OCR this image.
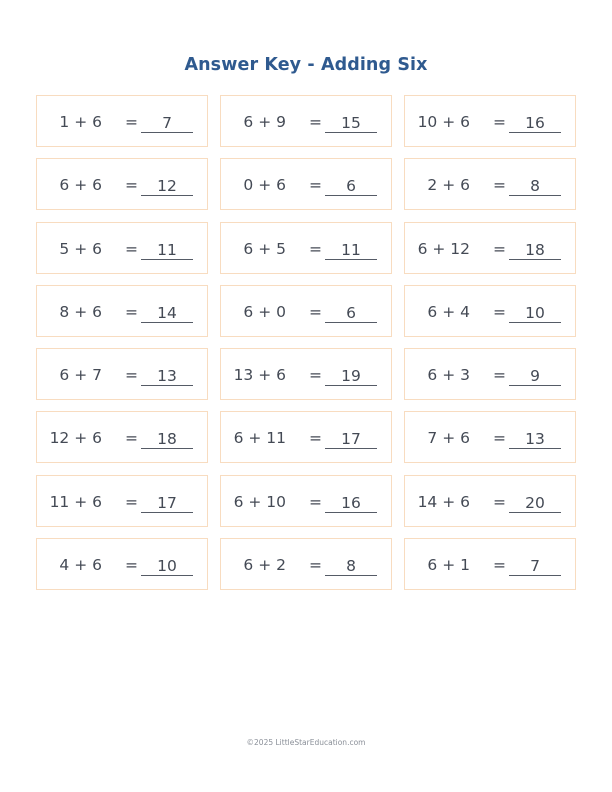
Answer Key - Adding Six
1 + 6 =	7	6 + 9 =	15	10 + 6 =	16
6 + 6 =	12	0 + 6 =	6	2 + 6 =	8
5 + 6 =	11	6 + 5 =	11	6 + 12 =	18
8 + 6 =	14	6 + 0 =	6	6 + 4 =	10
6 + 7 =	13	13 + 6 =	19	6 + 3 =	9
12 + 6 =	18	6 + 11 =	17	7 + 6 =	13
11 + 6 =	17	6 + 10 =	16	14 + 6 =	20
4 + 6 =	10	6 + 2 =	8	6 + 1 =	7
©2025 LittleStarEducation.com
